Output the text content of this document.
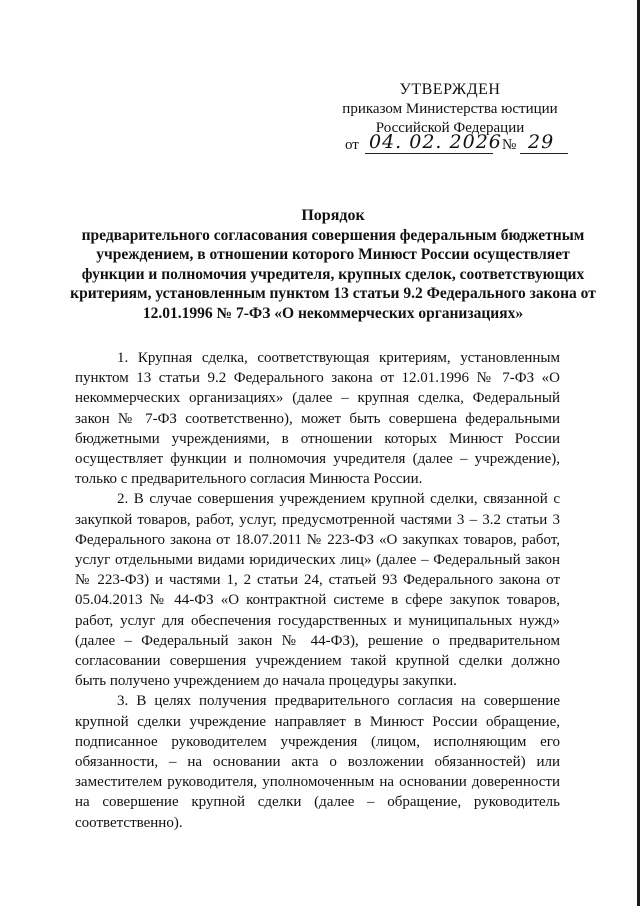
УТВЕРЖДЕН
приказом Министерства юстиции
Российской Федерации
от 04. 02. 2026 № 29
Порядок
предварительного согласования совершения федеральным бюджетным учреждением, в отношении которого Минюст России осуществляет функции и полномочия учредителя, крупных сделок, соответствующих критериям, установленным пунктом 13 статьи 9.2 Федерального закона от 12.01.1996 № 7-ФЗ «О некоммерческих организациях»

1. Крупная сделка, соответствующая критериям, установленным пунктом 13 статьи 9.2 Федерального закона от 12.01.1996 № 7-ФЗ «О некоммерческих организациях» (далее – крупная сделка, Федеральный закон № 7-ФЗ соответственно), может быть совершена федеральными бюджетными учреждениями, в отношении которых Минюст России осуществляет функции и полномочия учредителя (далее – учреждение), только с предварительного согласия Минюста России.

2. В случае совершения учреждением крупной сделки, связанной с закупкой товаров, работ, услуг, предусмотренной частями 3 – 3.2 статьи 3 Федерального закона от 18.07.2011 № 223-ФЗ «О закупках товаров, работ, услуг отдельными видами юридических лиц» (далее – Федеральный закон № 223-ФЗ) и частями 1, 2 статьи 24, статьей 93 Федерального закона от 05.04.2013 № 44-ФЗ «О контрактной системе в сфере закупок товаров, работ, услуг для обеспечения государственных и муниципальных нужд» (далее – Федеральный закон № 44-ФЗ), решение о предварительном согласовании совершения учреждением такой крупной сделки должно быть получено учреждением до начала процедуры закупки.

3. В целях получения предварительного согласия на совершение крупной сделки учреждение направляет в Минюст России обращение, подписанное руководителем учреждения (лицом, исполняющим его обязанности, – на основании акта о возложении обязанностей) или заместителем руководителя, уполномоченным на основании доверенности на совершение крупной сделки (далее – обращение, руководитель соответственно).
